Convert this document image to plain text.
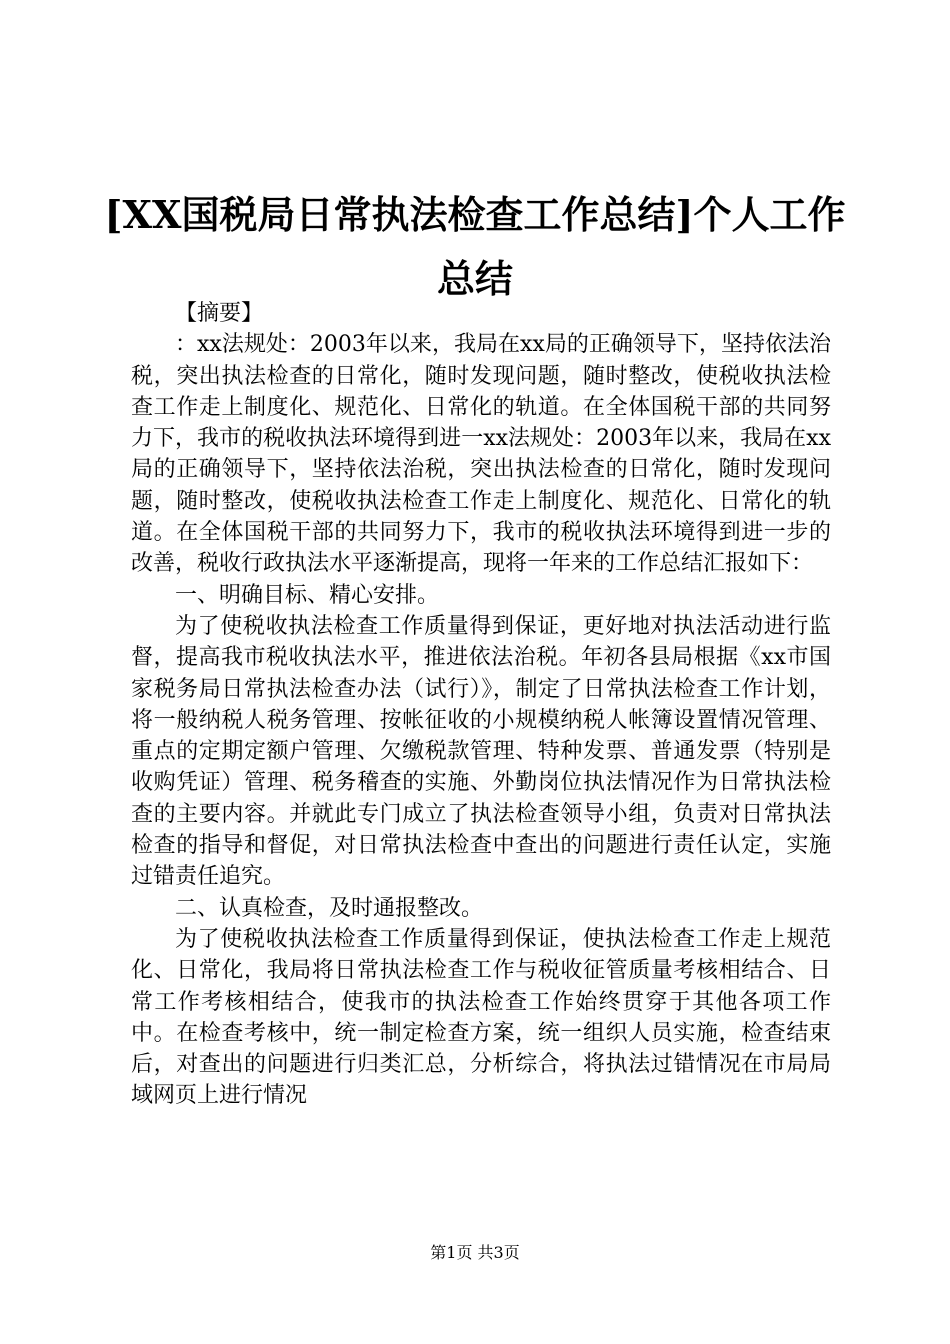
[XX国税局日常执法检查工作总结]个人工作总结

【摘要】

：xx法规处：2003年以来，我局在xx局的正确领导下，坚持依法治税，突出执法检查的日常化，随时发现问题，随时整改，使税收执法检查工作走上制度化、规范化、日常化的轨道。在全体国税干部的共同努力下，我市的税收执法环境得到进一xx法规处：2003年以来，我局在xx局的正确领导下，坚持依法治税，突出执法检查的日常化，随时发现问题，随时整改，使税收执法检查工作走上制度化、规范化、日常化的轨道。在全体国税干部的共同努力下，我市的税收执法环境得到进一步的改善，税收行政执法水平逐渐提高，现将一年来的工作总结汇报如下：

一、明确目标、精心安排。

为了使税收执法检查工作质量得到保证，更好地对执法活动进行监督，提高我市税收执法水平，推进依法治税。年初各县局根据《xx市国家税务局日常执法检查办法（试行）》，制定了日常执法检查工作计划，将一般纳税人税务管理、按帐征收的小规模纳税人帐簿设置情况管理、重点的定期定额户管理、欠缴税款管理、特种发票、普通发票（特别是收购凭证）管理、税务稽查的实施、外勤岗位执法情况作为日常执法检查的主要内容。并就此专门成立了执法检查领导小组，负责对日常执法检查的指导和督促，对日常执法检查中查出的问题进行责任认定，实施过错责任追究。

二、认真检查，及时通报整改。

为了使税收执法检查工作质量得到保证，使执法检查工作走上规范化、日常化，我局将日常执法检查工作与税收征管质量考核相结合、日常工作考核相结合，使我市的执法检查工作始终贯穿于其他各项工作中。在检查考核中，统一制定检查方案，统一组织人员实施，检查结束后，对查出的问题进行归类汇总，分析综合，将执法过错情况在市局局域网页上进行情况

第1页 共3页
